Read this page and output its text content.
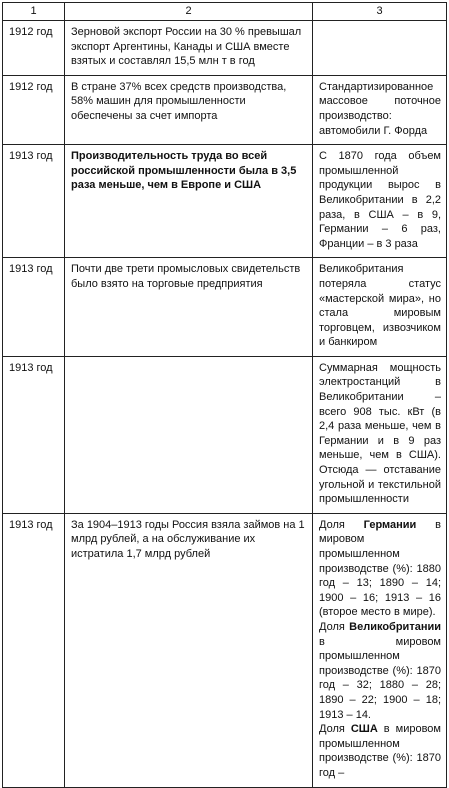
1	2	3
1912 год	Зерновой экспорт России на 30 % превышал экспорт Аргентины, Канады и США вместе взятых и составлял 15,5 млн т в год	
1912 год	В стране 37% всех средств производства, 58% машин для промышленности обеспечены за счет импорта	Стандартизированное массовое поточное производство: автомобили Г. Форда
1913 год	Производительность труда во всей российской промышленности была в 3,5 раза меньше, чем в Европе и США	С 1870 года объем промышленной продукции вырос в Великобритании в 2,2 раза, в США – в 9, Германии – 6 раз, Франции – в 3 раза
1913 год	Почти две трети промысловых свидетельств было взято на торговые предприятия	Великобритания потеряла статус «мастерской мира», но стала мировым торговцем, извозчиком и банкиром
1913 год		Суммарная мощность электростанций в Великобритании – всего 908 тыс. кВт (в 2,4 раза меньше, чем в Германии и в 9 раз меньше, чем в США). Отсюда — отставание угольной и текстильной промышленности
1913 год	За 1904–1913 годы Россия взяла займов на 1 млрд рублей, а на обслуживание их истратила 1,7 млрд рублей	Доля Германии в мировом промышленном производстве (%): 1880 год – 13; 1890 – 14; 1900 – 16; 1913 – 16 (второе место в мире).
Доля Великобритании в мировом промышленном производстве (%): 1870 год – 32; 1880 – 28; 1890 – 22; 1900 – 18; 1913 – 14.
Доля США в мировом промышленном производстве (%): 1870 год –
